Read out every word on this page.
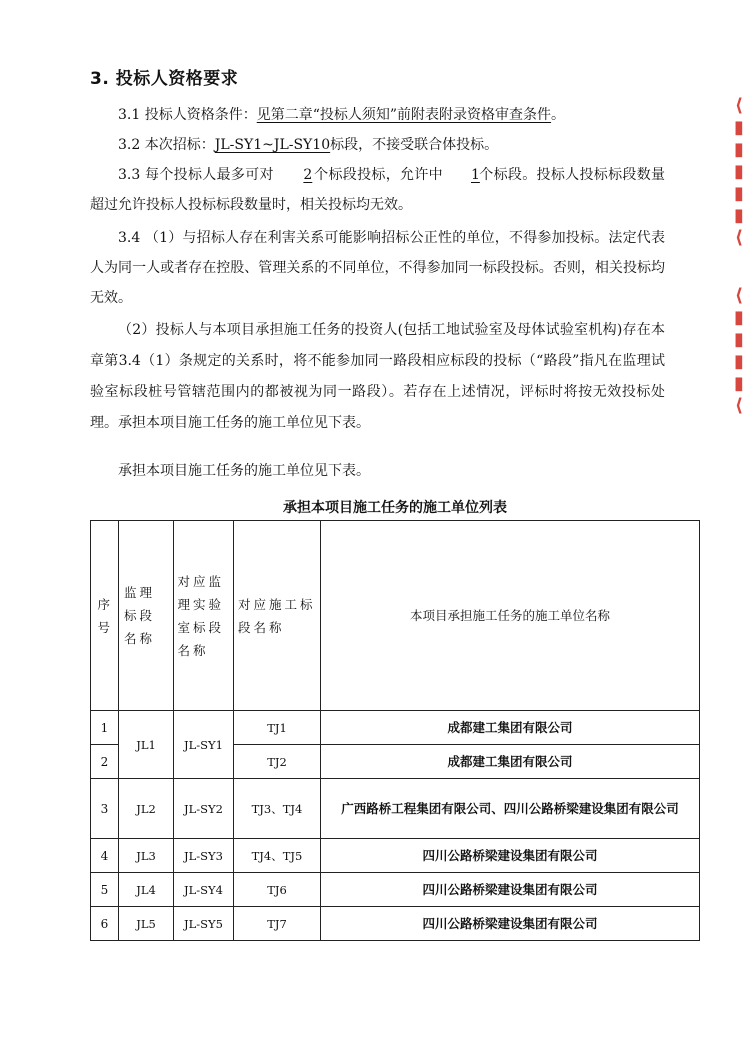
3. 投标人资格要求

3.1 投标人资格条件：见第二章“投标人须知”前附表附录资格审查条件。

3.2 本次招标：JL-SY1~JL-SY10标段，不接受联合体投标。

3.3 每个投标人最多可对 2 个标段投标，允许中 1个标段。投标人投标标段数量超过允许投标人投标标段数量时，相关投标均无效。

3.4 （1）与招标人存在利害关系可能影响招标公正性的单位，不得参加投标。法定代表人为同一人或者存在控股、管理关系的不同单位，不得参加同一标段投标。否则，相关投标均无效。

（2）投标人与本项目承担施工任务的投资人(包括工地试验室及母体试验室机构)存在本章第3.4（1）条规定的关系时，将不能参加同一路段相应标段的投标（“路段”指凡在监理试验室标段桩号管辖范围内的都被视为同一路段）。若存在上述情况，评标时将按无效投标处理。承担本项目施工任务的施工单位见下表。

承担本项目施工任务的施工单位见下表。

承担本项目施工任务的施工单位列表
序号	监理标段名称	对应监理实验室标段名称	对应施工标段名称	本项目承担施工任务的施工单位名称
1	JL1	JL-SY1	TJ1	成都建工集团有限公司
2			TJ2	成都建工集团有限公司
3	JL2	JL-SY2	TJ3、TJ4	广西路桥工程集团有限公司、四川公路桥梁建设集团有限公司
4	JL3	JL-SY3	TJ4、TJ5	四川公路桥梁建设集团有限公司
5	JL4	JL-SY4	TJ6	四川公路桥梁建设集团有限公司
6	JL5	JL-SY5	TJ7	四川公路桥梁建设集团有限公司
⟨
▮
▮
▮
▮
▮
⟨
⟨
▮
▮
▮
▮
⟨
